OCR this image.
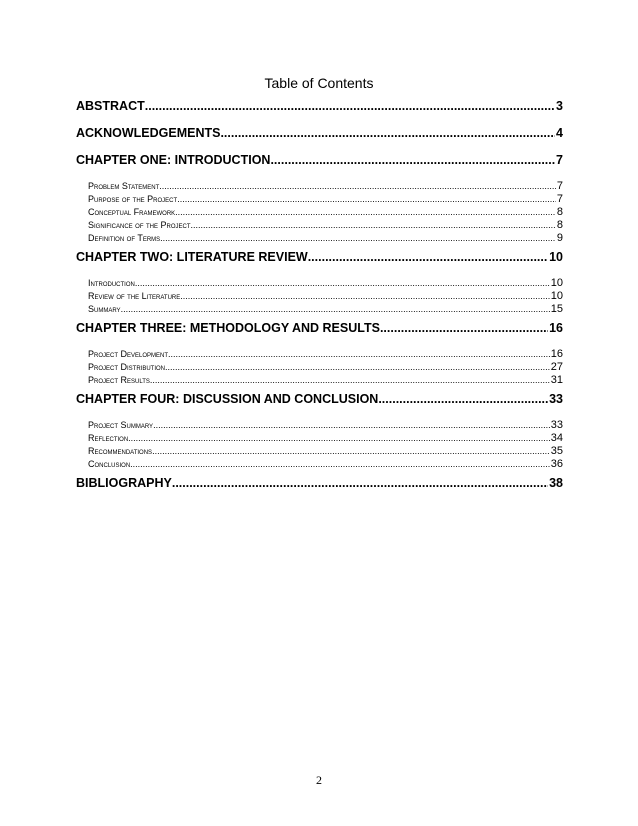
Table of Contents
ABSTRACT .....	3
ACKNOWLEDGEMENTS .....	4
CHAPTER ONE: INTRODUCTION .....	7
Problem Statement .....	7
Purpose of the Project .....	7
Conceptual Framework .....	8
Significance of the Project .....	8
Definition of Terms .....	9
CHAPTER TWO: LITERATURE REVIEW .....	10
Introduction .....	10
Review of the Literature .....	10
Summary .....	15
CHAPTER THREE: METHODOLOGY AND RESULTS .....	16
Project Development .....	16
Project Distribution .....	27
Project Results .....	31
CHAPTER FOUR: DISCUSSION AND CONCLUSION .....	33
Project Summary .....	33
Reflection .....	34
Recommendations .....	35
Conclusion .....	36
BIBLIOGRAPHY .....	38
2
